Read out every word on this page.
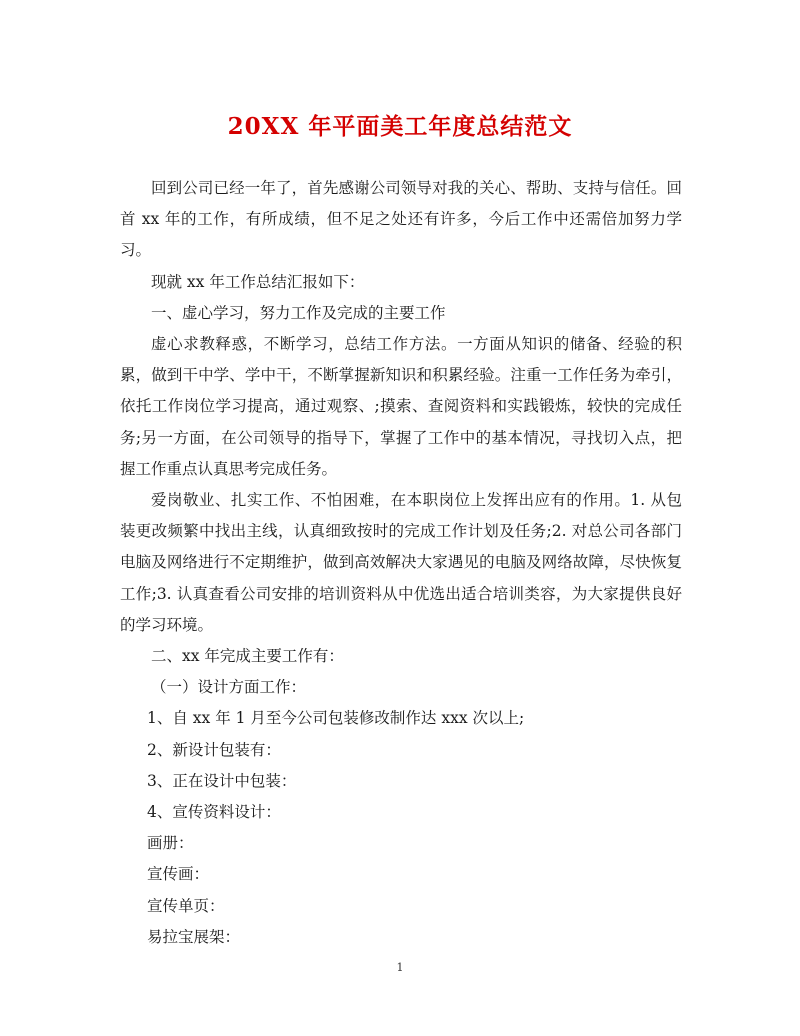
20XX 年平面美工年度总结范文

回到公司已经一年了，首先感谢公司领导对我的关心、帮助、支持与信任。回首 xx 年的工作，有所成绩，但不足之处还有许多，今后工作中还需倍加努力学习。

现就 xx 年工作总结汇报如下：

一、虚心学习，努力工作及完成的主要工作

虚心求教释惑，不断学习，总结工作方法。一方面从知识的储备、经验的积累，做到干中学、学中干，不断掌握新知识和积累经验。注重一工作任务为牵引，依托工作岗位学习提高，通过观察、;摸索、查阅资料和实践锻炼，较快的完成任务;另一方面，在公司领导的指导下，掌握了工作中的基本情况，寻找切入点，把握工作重点认真思考完成任务。

爱岗敬业、扎实工作、不怕困难，在本职岗位上发挥出应有的作用。1. 从包装更改频繁中找出主线，认真细致按时的完成工作计划及任务;2. 对总公司各部门电脑及网络进行不定期维护，做到高效解决大家遇见的电脑及网络故障，尽快恢复工作;3. 认真查看公司安排的培训资料从中优选出适合培训类容，为大家提供良好的学习环境。

二、xx 年完成主要工作有：

（一）设计方面工作：

1、自 xx 年 1 月至今公司包装修改制作达 xxx 次以上;

2、新设计包装有：

3、正在设计中包装：

4、宣传资料设计：

画册：

宣传画：

宣传单页：

易拉宝展架：

1
